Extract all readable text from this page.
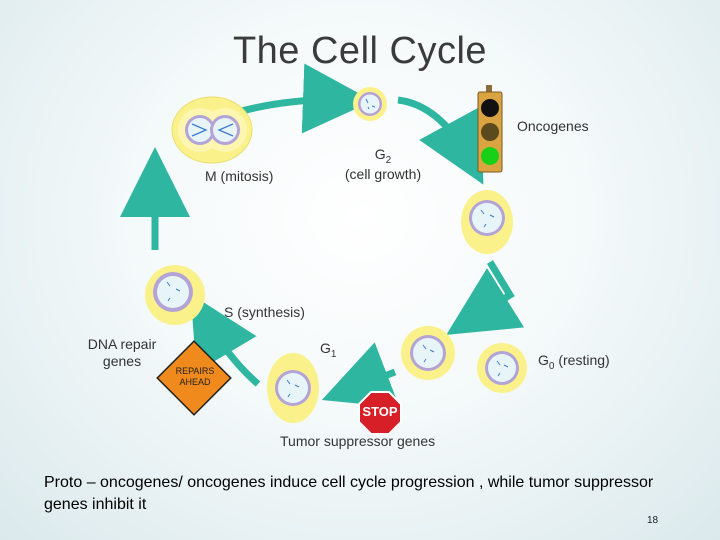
The Cell Cycle
REPAIRS
AHEAD
STOP
Oncogenes
$G_2$
(cell growth)
M (mitosis)
S (synthesis)
DNA repair genes
$G_1$	$G_0$ (resting)
Tumor suppressor genes
Proto – oncogenes/ oncogenes induce cell cycle progression , while tumor suppressor genes inhibit it
18
